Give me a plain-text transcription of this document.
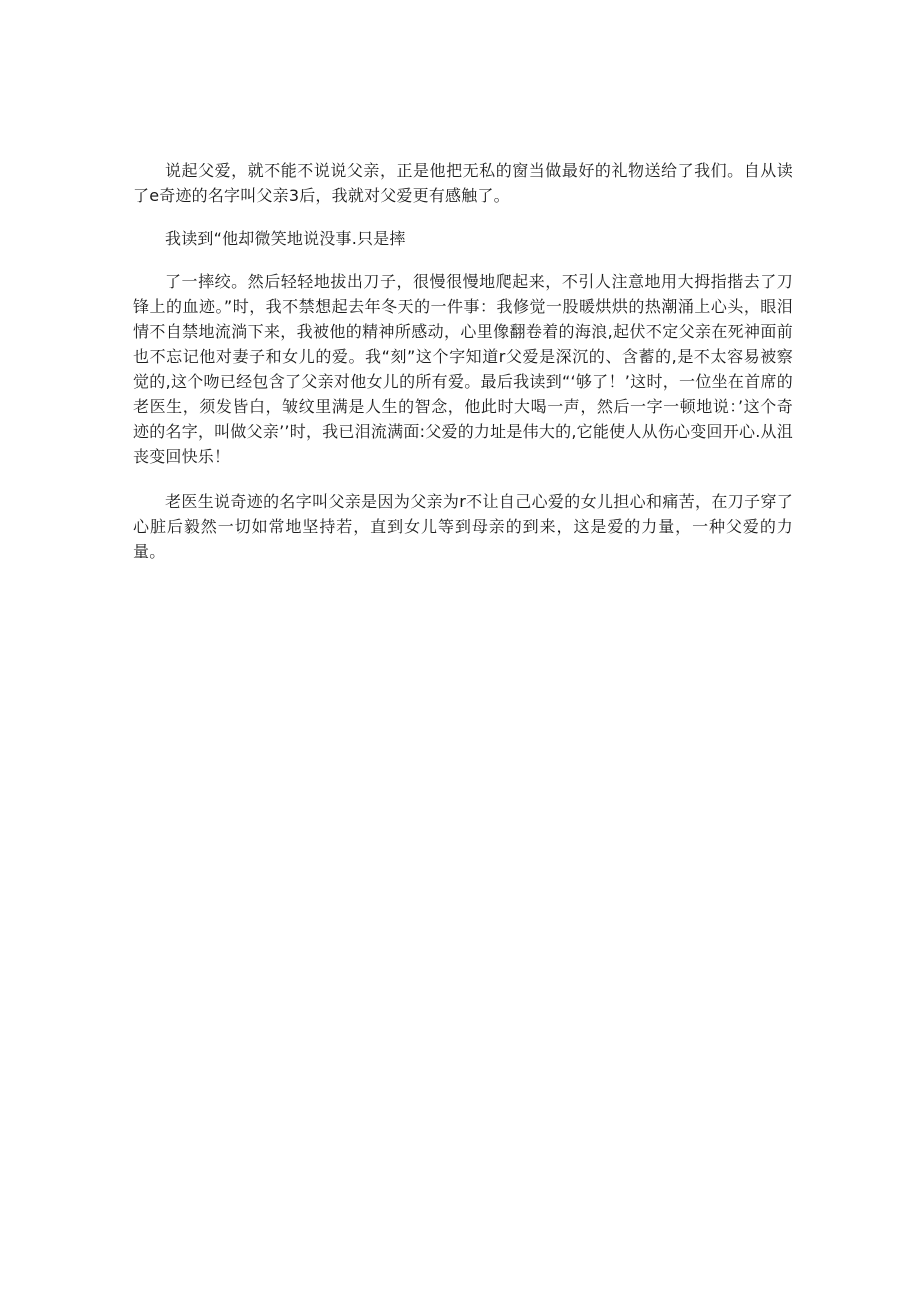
说起父爱，就不能不说说父亲，正是他把无私的窗当做最好的礼物送给了我们。自从读了e奇迹的名字叫父亲3后，我就对父爱更有感触了。

我读到“他却微笑地说没事.只是摔

了一摔绞。然后轻轻地拔出刀子，很慢很慢地爬起来，不引人注意地用大拇指揩去了刀锋上的血迹。”时，我不禁想起去年冬天的一件事：我修觉一股暖烘烘的热潮涌上心头，眼泪情不自禁地流淌下来，我被他的精神所感动，心里像翻卷着的海浪,起伏不定父亲在死神面前也不忘记他对妻子和女儿的爱。我“刻”这个字知道r父爱是深沉的、含蓄的,是不太容易被察觉的,这个吻已经包含了父亲对他女儿的所有爱。最后我读到“‘够了！’这时，一位坐在首席的老医生，须发皆白，皱纹里满是人生的智念，他此时大喝一声，然后一字一顿地说：’这个奇迹的名字，叫做父亲’’时，我已泪流满面:父爱的力址是伟大的,它能使人从伤心变回开心.从沮丧变回快乐！

老医生说奇迹的名字叫父亲是因为父亲为r不让自己心爱的女儿担心和痛苦，在刀子穿了心脏后毅然一切如常地坚持若，直到女儿等到母亲的到来，这是爱的力量，一种父爱的力量。
